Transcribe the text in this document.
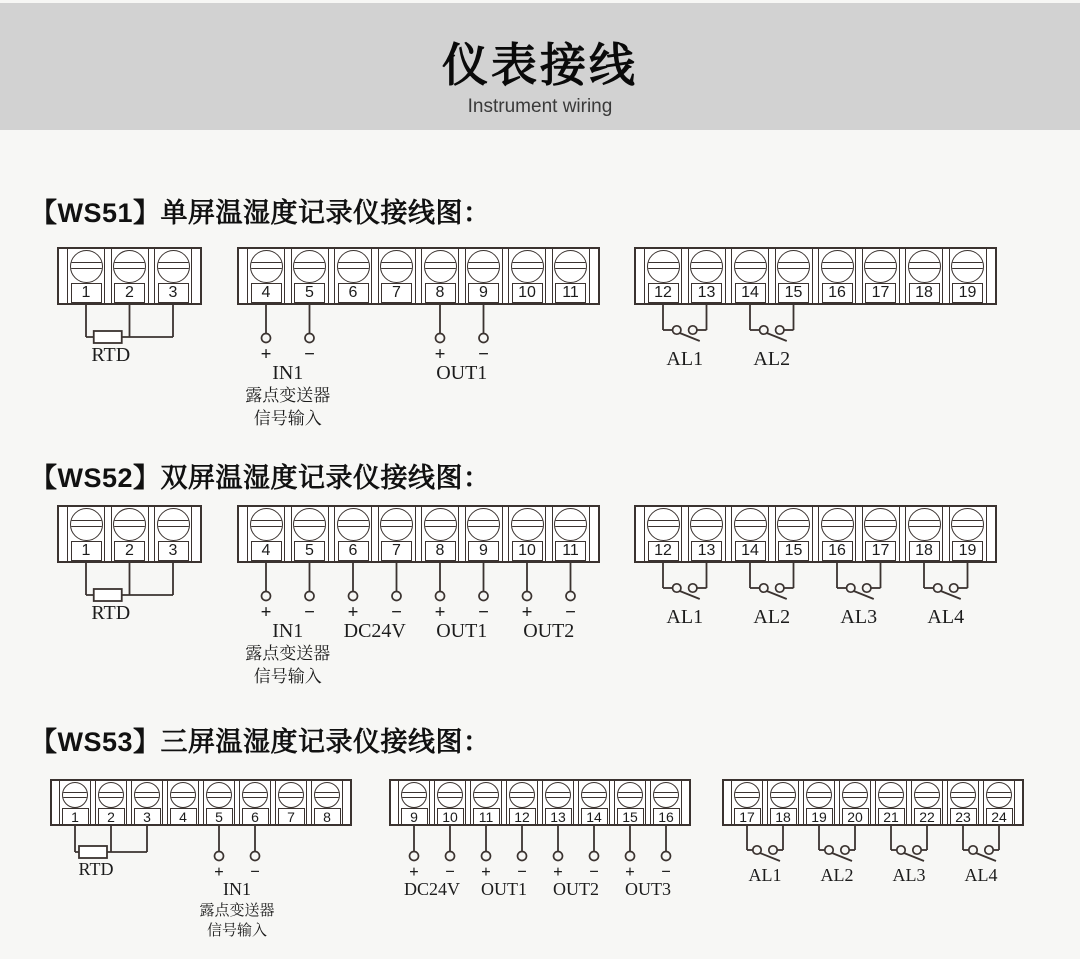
仪表接线
Instrument wiring
【WS51】单屏温湿度记录仪接线图：
【WS52】双屏温湿度记录仪接线图：
【WS53】三屏温湿度记录仪接线图：
1	2	3
RTD
4	5	6	7	8	9	10	11
+ −
IN1
露点变送器
信号输入
+ −
OUT1
12	13	14	15	16	17	18	19
AL1	AL2
1	2	3
RTD
4	5	6	7	8	9	10	11
+ −
IN1
露点变送器
信号输入
+ −
DC24V
+ −
OUT1
+ −
OUT2
12	13	14	15	16	17	18	19
AL1	AL2	AL3	AL4
1	2	3	4	5	6	7	8
RTD	+ −
IN1
露点变送器
信号输入
9	10	11	12	13	14	15	16
+ −
DC24V
+ −
OUT1
+ −
OUT2
+ −
OUT3
17	18	19	20	21	22	23	24
AL1 AL2 AL3 AL4
